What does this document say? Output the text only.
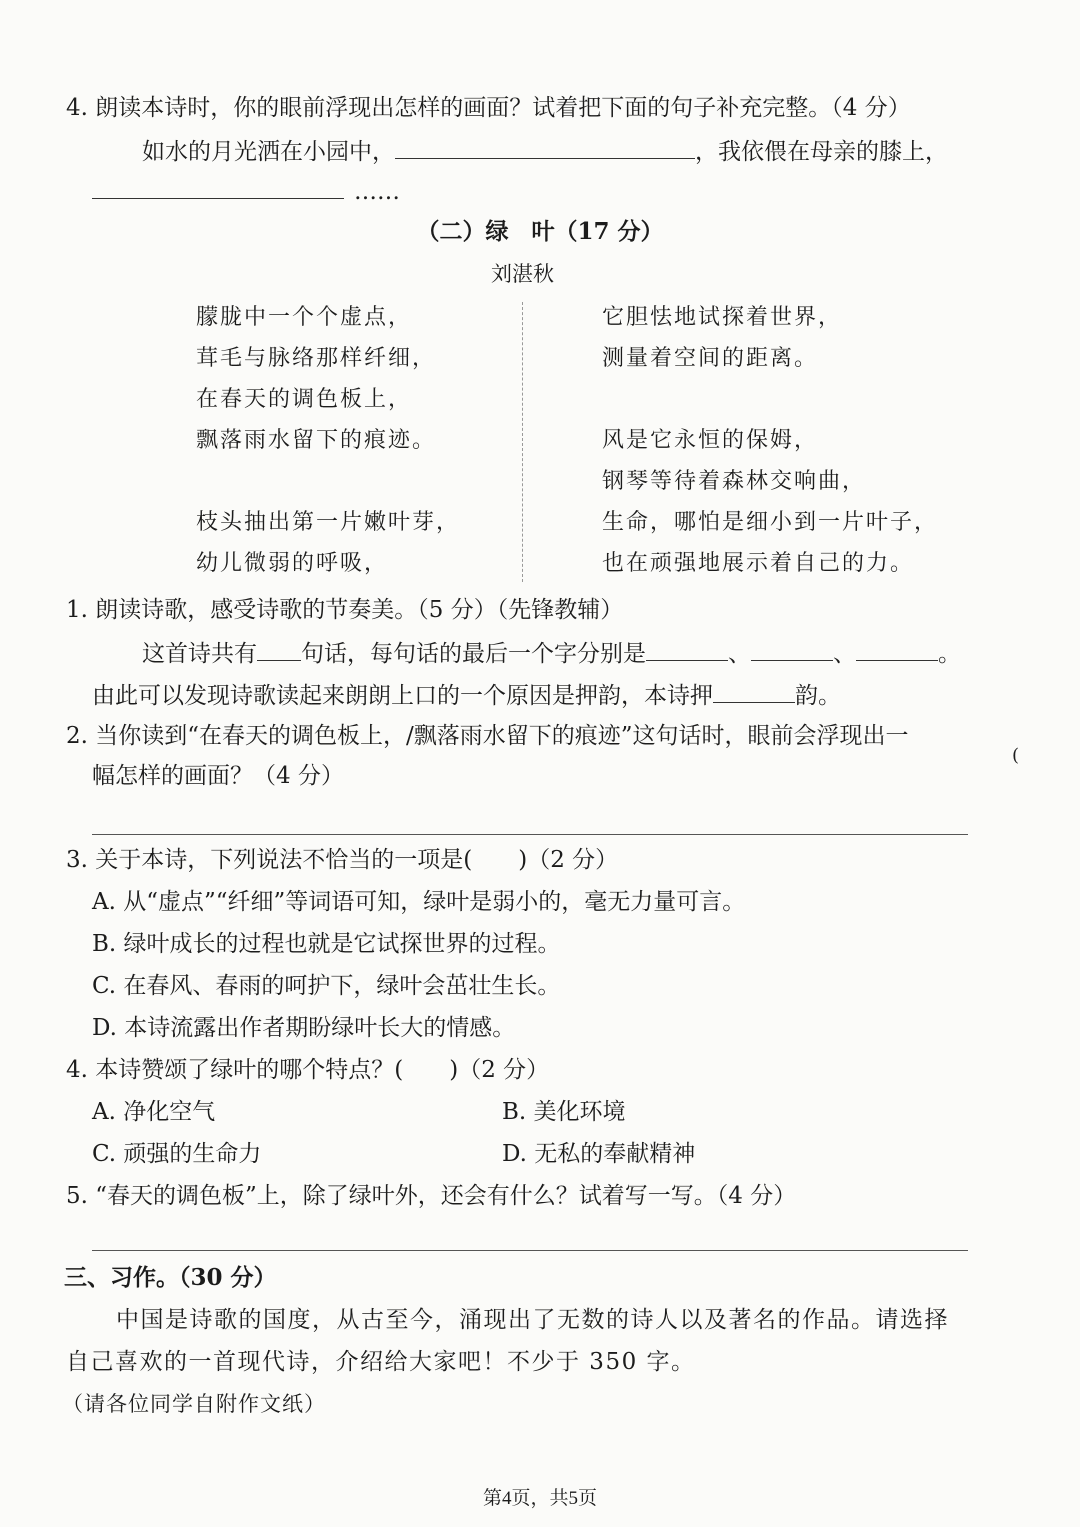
4. 朗读本诗时，你的眼前浮现出怎样的画面？试着把下面的句子补充完整。（4 分）
如水的月光洒在小园中，	，我依偎在母亲的膝上，
……
（二）绿　叶（17 分）
刘湛秋
朦胧中一个个虚点，
茸毛与脉络那样纤细，
在春天的调色板上，
飘落雨水留下的痕迹。
枝头抽出第一片嫩叶芽，
幼儿微弱的呼吸，
它胆怯地试探着世界，
测量着空间的距离。
风是它永恒的保姆，
钢琴等待着森林交响曲，
生命，哪怕是细小到一片叶子，
也在顽强地展示着自己的力。
1. 朗读诗歌，感受诗歌的节奏美。（5 分）（先锋教辅）
这首诗共有 句话，每句话的最后一个字分别是	、	、	。
由此可以发现诗歌读起来朗朗上口的一个原因是押韵，本诗押	韵。
2. 当你读到“在春天的调色板上，/飘落雨水留下的痕迹”这句话时，眼前会浮现出一
(
幅怎样的画面？（4 分）
3. 关于本诗，下列说法不恰当的一项是(　　)（2 分）
A. 从“虚点”“纤细”等词语可知，绿叶是弱小的，毫无力量可言。
B. 绿叶成长的过程也就是它试探世界的过程。
C. 在春风、春雨的呵护下，绿叶会茁壮生长。
D. 本诗流露出作者期盼绿叶长大的情感。
4. 本诗赞颂了绿叶的哪个特点？(　　)（2 分）
A. 净化空气	B. 美化环境
C. 顽强的生命力	D. 无私的奉献精神
5. “春天的调色板”上，除了绿叶外，还会有什么？试着写一写。（4 分）
三、习作。（30 分）
中国是诗歌的国度，从古至今，涌现出了无数的诗人以及著名的作品。请选择
自己喜欢的一首现代诗，介绍给大家吧！不少于 350 字。
（请各位同学自附作文纸）
第4页，共5页
